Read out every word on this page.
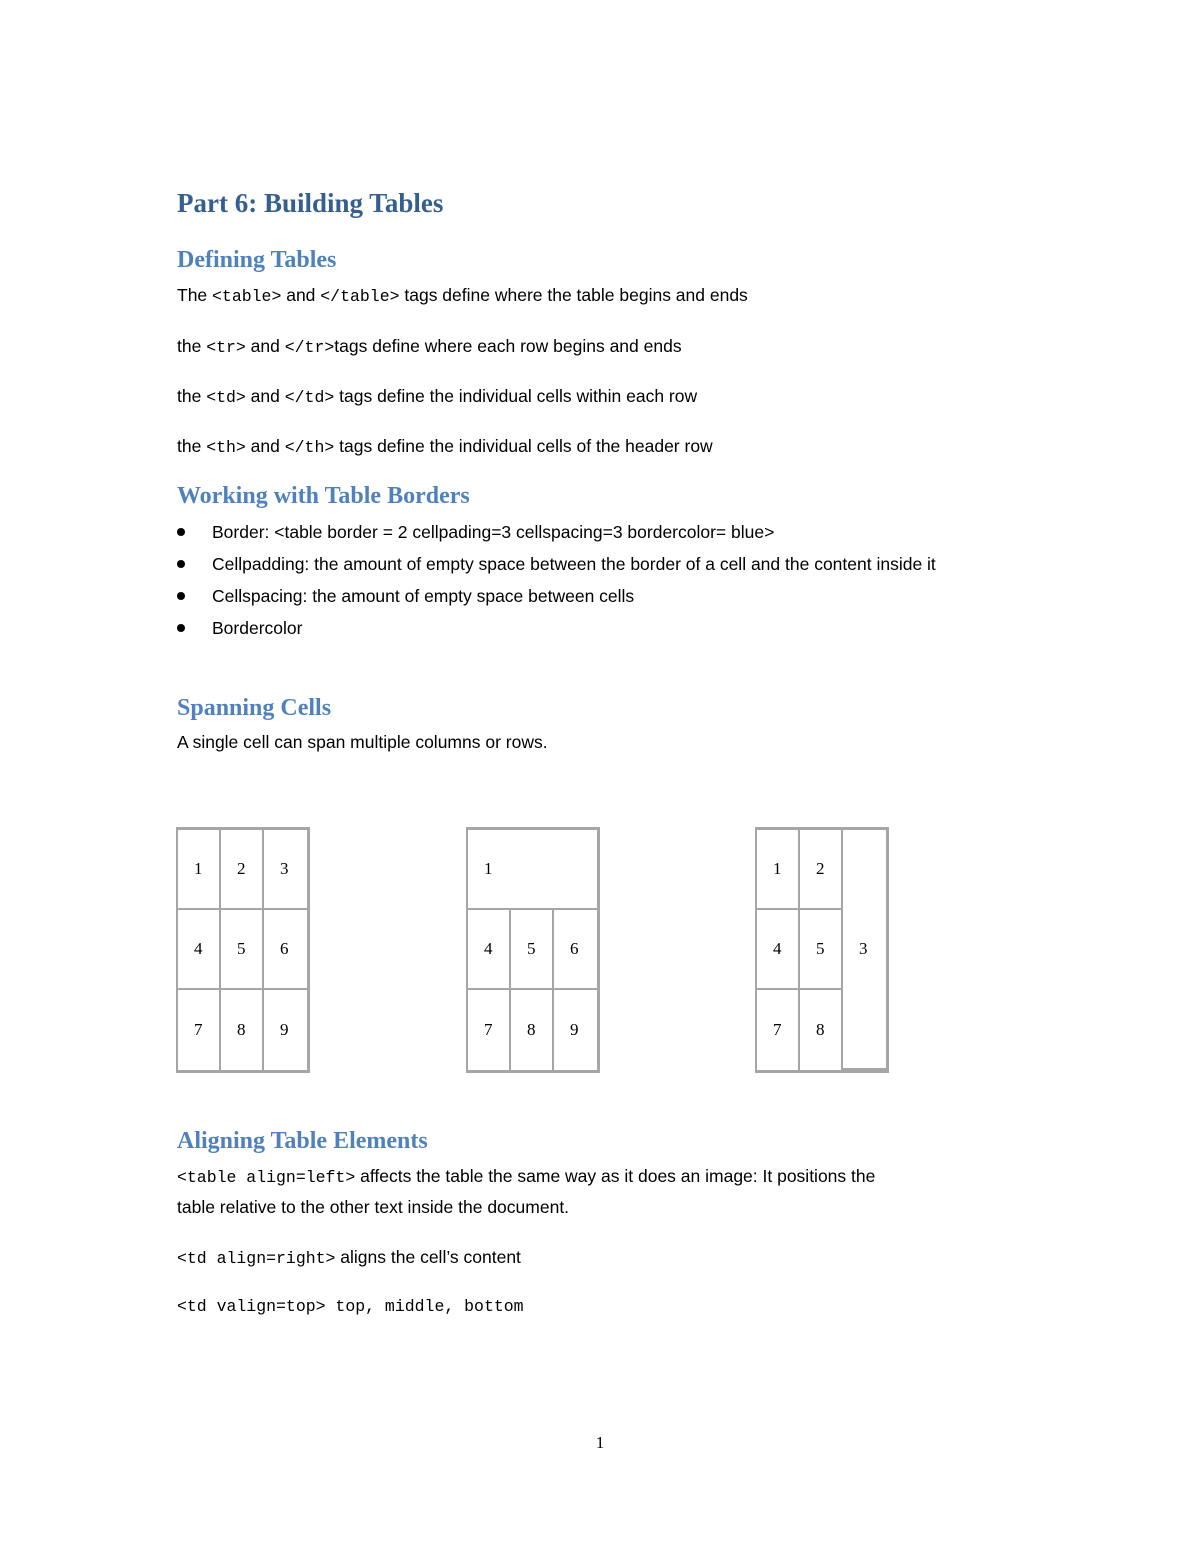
Part 6: Building Tables
Defining Tables

The <table> and </table> tags define where the table begins and ends

the <tr> and </tr>tags define where each row begins and ends

the <td> and </td> tags define the individual cells within each row

the <th> and </th> tags define the individual cells of the header row

Working with Table Borders
Border: <table border = 2 cellpading=3 cellspacing=3 bordercolor= blue>
Cellpadding: the amount of empty space between the border of a cell and the content inside it
Cellspacing: the amount of empty space between cells
Bordercolor
Spanning Cells

A single cell can span multiple columns or rows.

1	2	3
4	5	6
7	8	9
1		
4	5	6
7	8	9
1	2	3
4	5	
7	8	
Aligning Table Elements

<table align=left> affects the table the same way as it does an image: It positions the

table relative to the other text inside the document.

<td align=right> aligns the cell’s content

<td valign=top> top, middle, bottom

1
